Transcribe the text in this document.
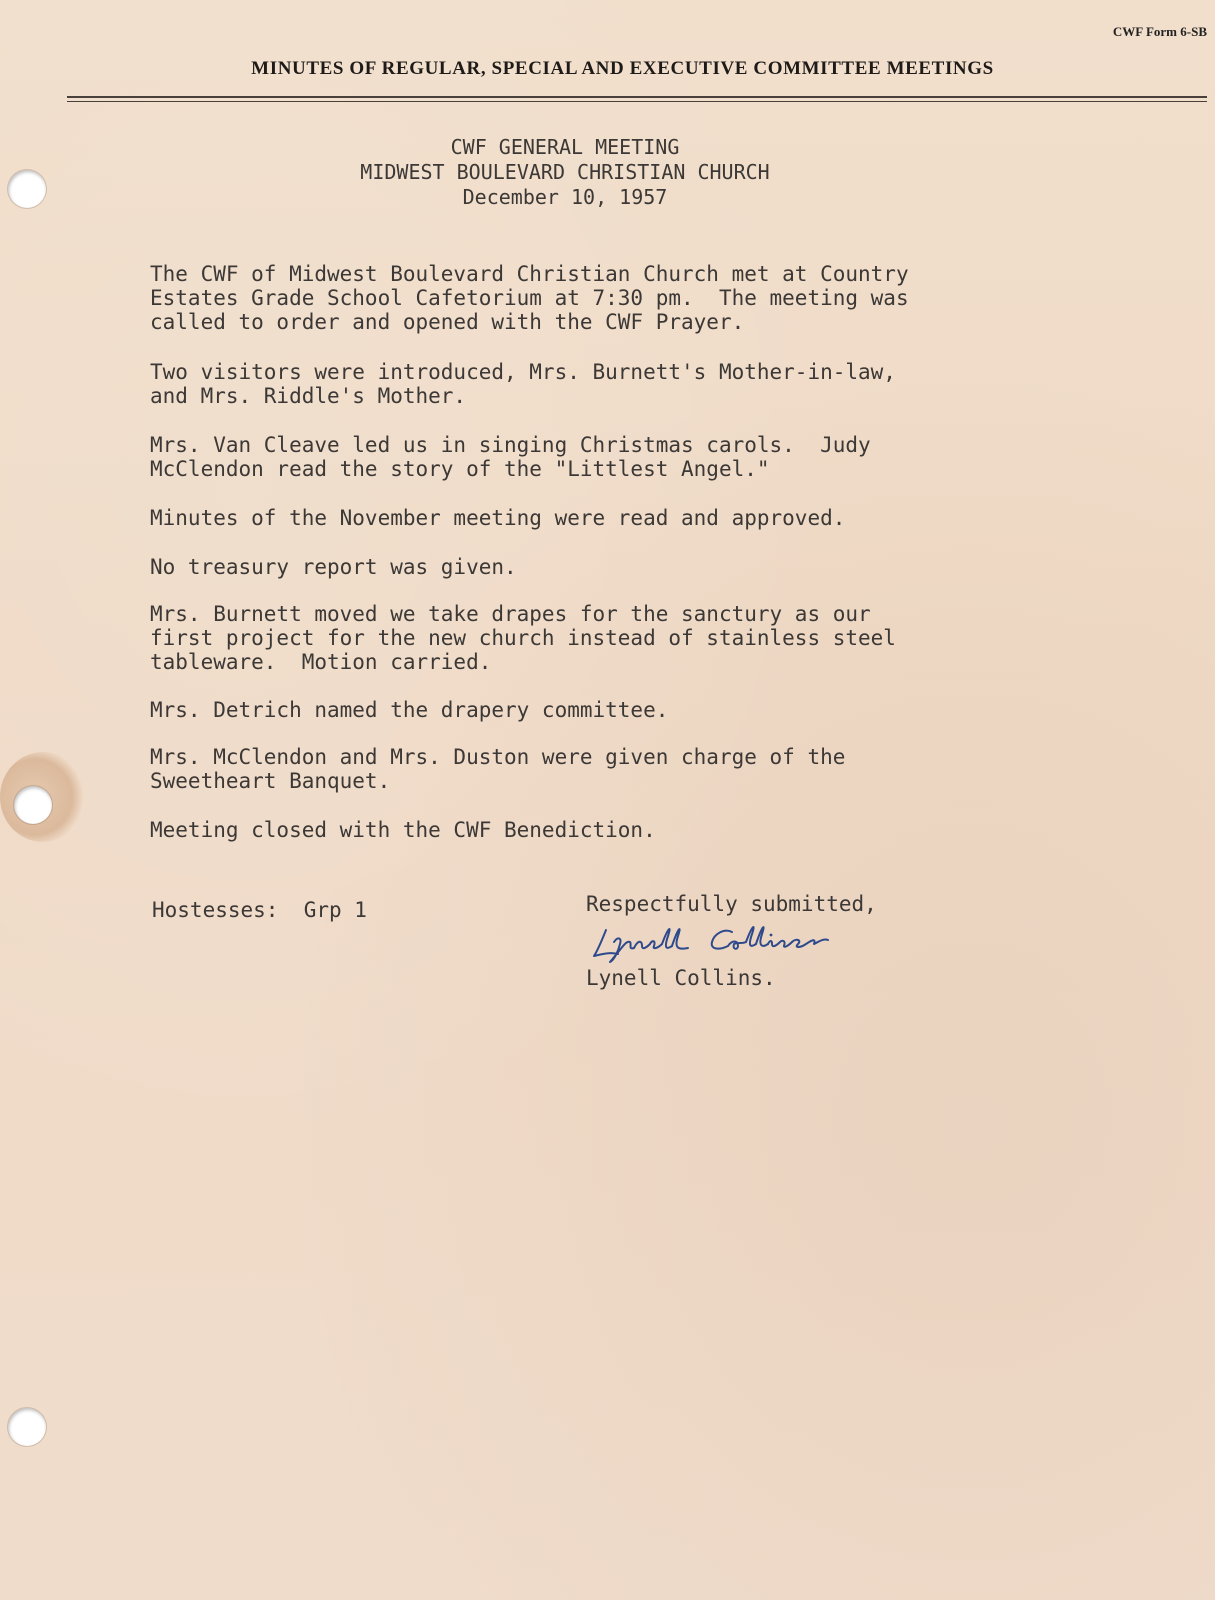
CWF Form 6-SB
MINUTES OF REGULAR, SPECIAL AND EXECUTIVE COMMITTEE MEETINGS
CWF GENERAL MEETING
MIDWEST BOULEVARD CHRISTIAN CHURCH
December 10, 1957

The CWF of Midwest Boulevard Christian Church met at Country
Estates Grade School Cafetorium at 7:30 pm.  The meeting was
called to order and opened with the CWF Prayer.

Two visitors were introduced, Mrs. Burnett's Mother-in-law,
and Mrs. Riddle's Mother.

Mrs. Van Cleave led us in singing Christmas carols.  Judy
McClendon read the story of the "Littlest Angel."

Minutes of the November meeting were read and approved.

No treasury report was given.

Mrs. Burnett moved we take drapes for the sanctury as our
first project for the new church instead of stainless steel
tableware.  Motion carried.

Mrs. Detrich named the drapery committee.

Mrs. McClendon and Mrs. Duston were given charge of the
Sweetheart Banquet.

Meeting closed with the CWF Benediction.

Hostesses:  Grp 1	Respectfully submitted,

Lynell Collins.
